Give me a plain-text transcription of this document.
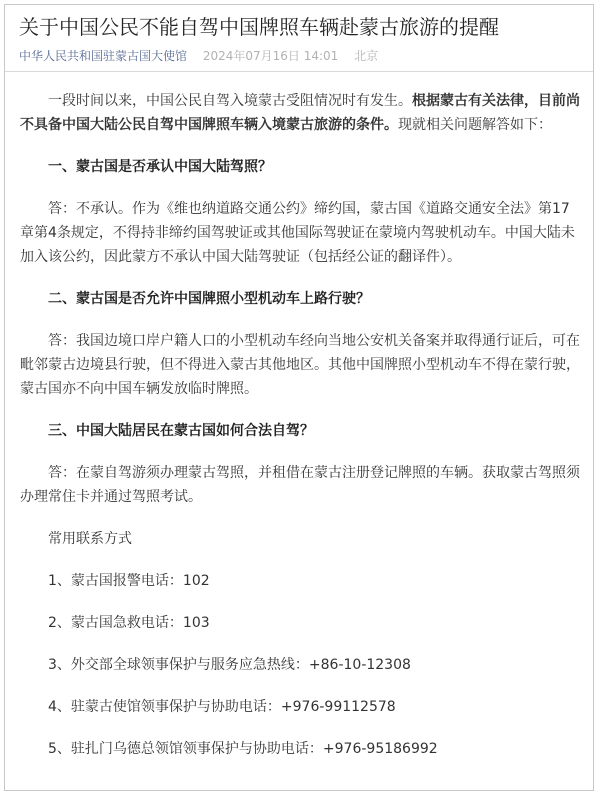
关于中国公民不能自驾中国牌照车辆赴蒙古旅游的提醒
中华人民共和国驻蒙古国大使馆 2024年07月16日 14:01 北京

一段时间以来，中国公民自驾入境蒙古受阻情况时有发生。根据蒙古有关法律，目前尚不具备中国大陆公民自驾中国牌照车辆入境蒙古旅游的条件。现就相关问题解答如下：

一、蒙古国是否承认中国大陆驾照？

答：不承认。作为《维也纳道路交通公约》缔约国，蒙古国《道路交通安全法》第17章第4条规定，不得持非缔约国驾驶证或其他国际驾驶证在蒙境内驾驶机动车。中国大陆未加入该公约，因此蒙方不承认中国大陆驾驶证（包括经公证的翻译件）。

二、蒙古国是否允许中国牌照小型机动车上路行驶？

答：我国边境口岸户籍人口的小型机动车经向当地公安机关备案并取得通行证后，可在毗邻蒙古边境县行驶，但不得进入蒙古其他地区。其他中国牌照小型机动车不得在蒙行驶，蒙古国亦不向中国车辆发放临时牌照。

三、中国大陆居民在蒙古国如何合法自驾？

答：在蒙自驾游须办理蒙古驾照，并租借在蒙古注册登记牌照的车辆。获取蒙古驾照须办理常住卡并通过驾照考试。

常用联系方式

1、蒙古国报警电话：102

2、蒙古国急救电话：103

3、外交部全球领事保护与服务应急热线：+86-10-12308

4、驻蒙古使馆领事保护与协助电话：+976-99112578

5、驻扎门乌德总领馆领事保护与协助电话：+976-95186992
